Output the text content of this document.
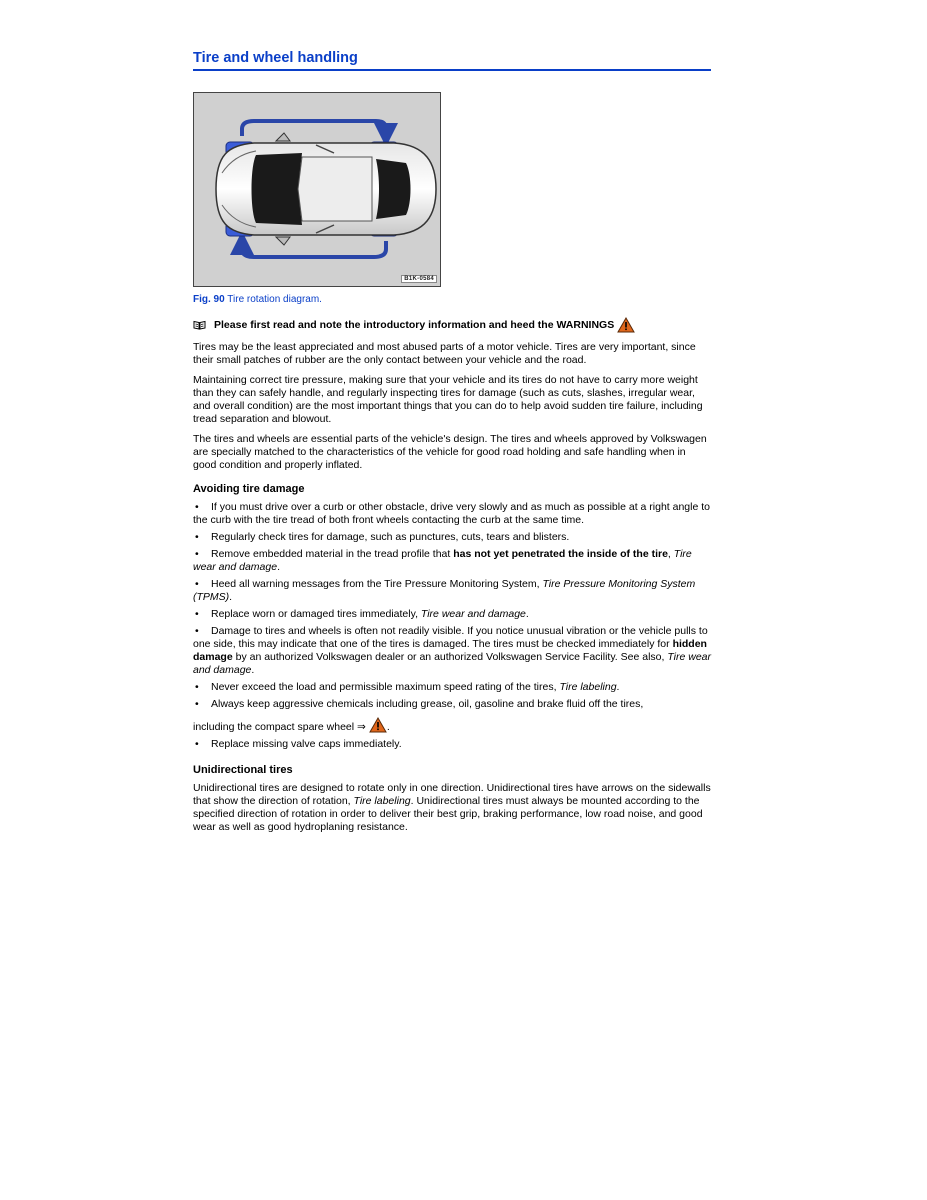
Tire and wheel handling
B1K-0584
Fig. 90 Tire rotation diagram.
Please first read and note the introductory information and heed the WARNINGS

Tires may be the least appreciated and most abused parts of a motor vehicle. Tires are very important, since their small patches of rubber are the only contact between your vehicle and the road.

Maintaining correct tire pressure, making sure that your vehicle and its tires do not have to carry more weight than they can safely handle, and regularly inspecting tires for damage (such as cuts, slashes, irregular wear, and overall condition) are the most important things that you can do to help avoid sudden tire failure, including tread separation and blowout.

The tires and wheels are essential parts of the vehicle's design. The tires and wheels approved by Volkswagen are specially matched to the characteristics of the vehicle for good road holding and safe handling when in good condition and properly inflated.

Avoiding tire damage
• If you must drive over a curb or other obstacle, drive very slowly and as much as possible at a right angle to the curb with the tire tread of both front wheels contacting the curb at the same time.
• Regularly check tires for damage, such as punctures, cuts, tears and blisters.
• Remove embedded material in the tread profile that has not yet penetrated the inside of the tire, Tire wear and damage.
• Heed all warning messages from the Tire Pressure Monitoring System, Tire Pressure Monitoring System (TPMS).
• Replace worn or damaged tires immediately, Tire wear and damage.
• Damage to tires and wheels is often not readily visible. If you notice unusual vibration or the vehicle pulls to one side, this may indicate that one of the tires is damaged. The tires must be checked immediately for hidden damage by an authorized Volkswagen dealer or an authorized Volkswagen Service Facility. See also, Tire wear and damage.
• Never exceed the load and permissible maximum speed rating of the tires, Tire labeling.
• Always keep aggressive chemicals including grease, oil, gasoline and brake fluid off the tires,
including the compact spare wheel ⇒ .
• Replace missing valve caps immediately.
Unidirectional tires

Unidirectional tires are designed to rotate only in one direction. Unidirectional tires have arrows on the sidewalls that show the direction of rotation, Tire labeling. Unidirectional tires must always be mounted according to the specified direction of rotation in order to deliver their best grip, braking performance, low road noise, and good wear as well as good hydroplaning resistance.
